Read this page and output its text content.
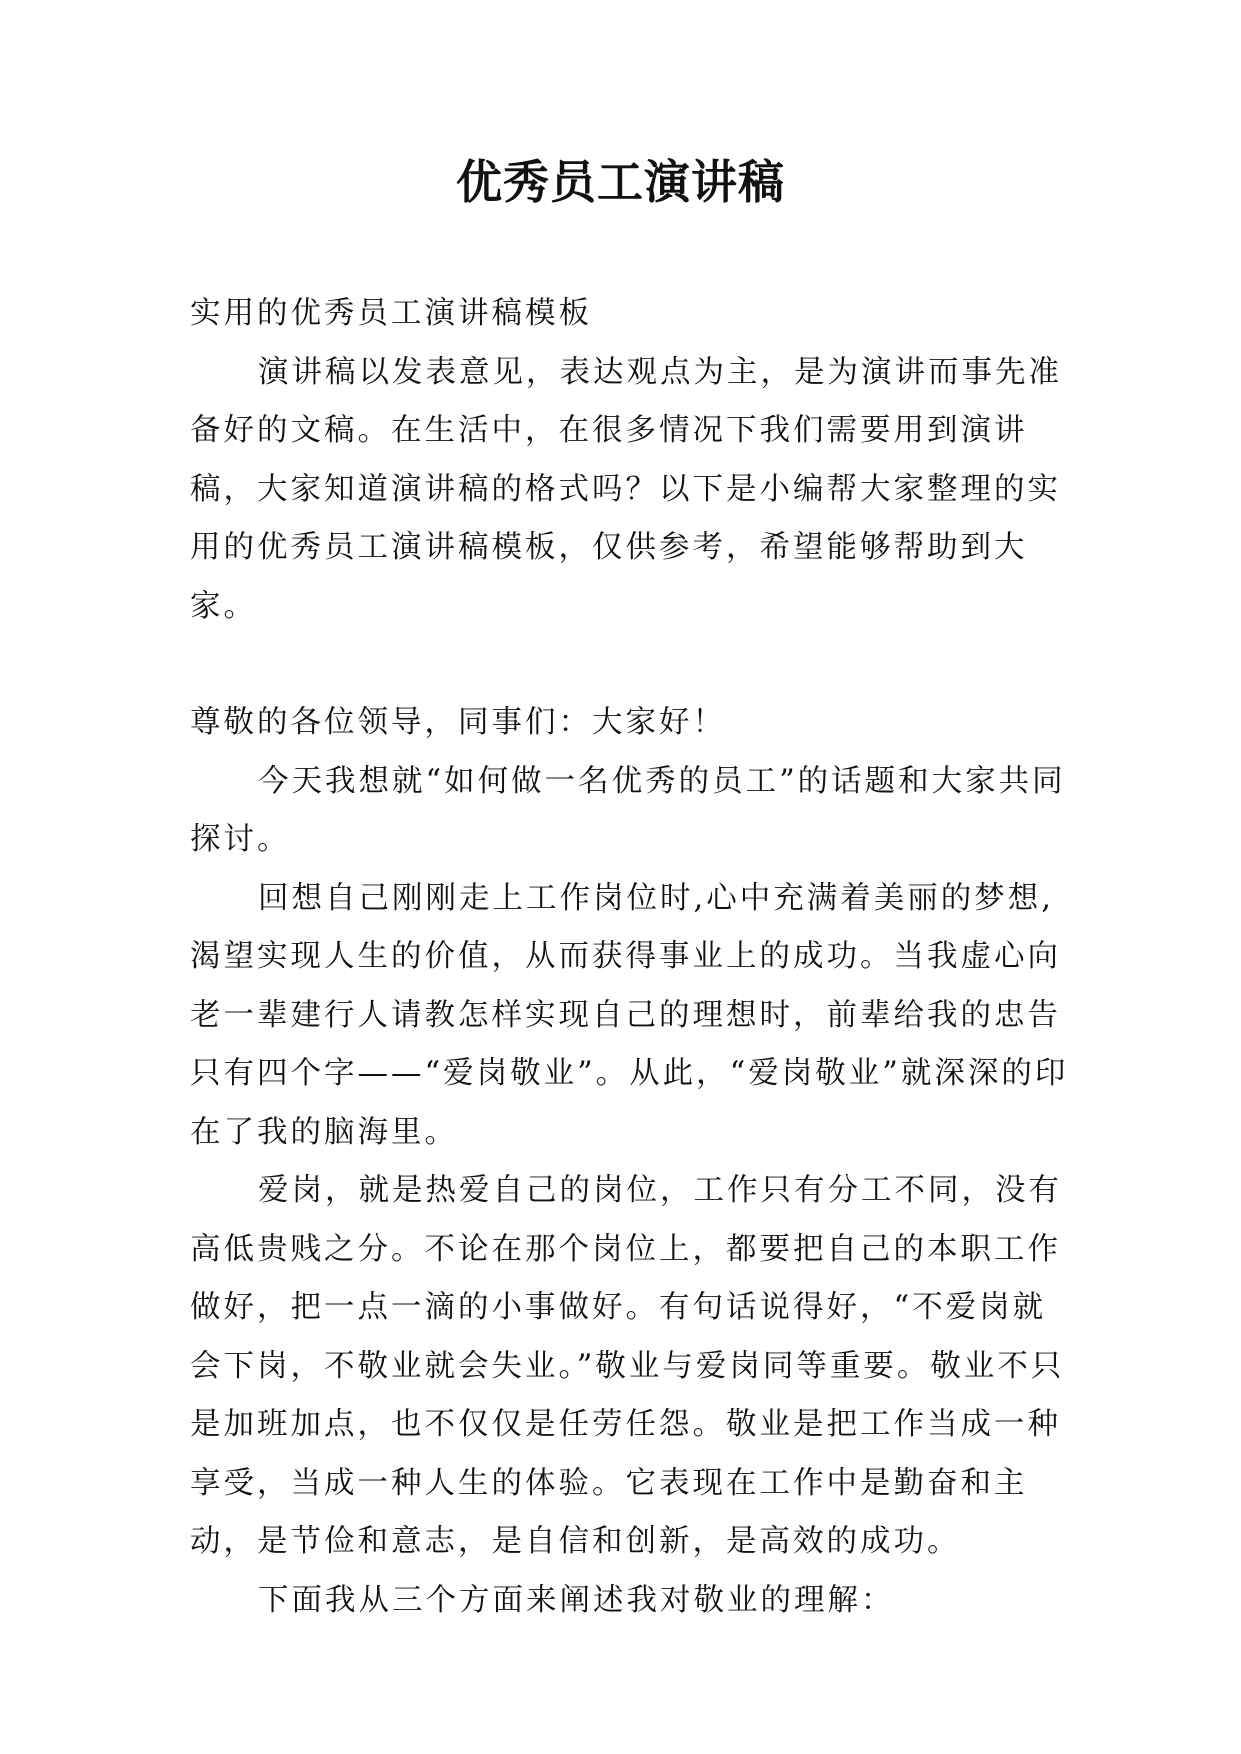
优秀员工演讲稿

实用的优秀员工演讲稿模板

演讲稿以发表意见，表达观点为主，是为演讲而事先准备好的文稿。在生活中，在很多情况下我们需要用到演讲稿，大家知道演讲稿的格式吗？以下是小编帮大家整理的实用的优秀员工演讲稿模板，仅供参考，希望能够帮助到大家。

尊敬的各位领导，同事们：大家好！

今天我想就“如何做一名优秀的员工”的话题和大家共同探讨。

回想自己刚刚走上工作岗位时,心中充满着美丽的梦想,渴望实现人生的价值，从而获得事业上的成功。当我虚心向老一辈建行人请教怎样实现自己的理想时，前辈给我的忠告只有四个字——“爱岗敬业”。从此，“爱岗敬业”就深深的印在了我的脑海里。

爱岗，就是热爱自己的岗位，工作只有分工不同，没有高低贵贱之分。不论在那个岗位上，都要把自己的本职工作做好，把一点一滴的小事做好。有句话说得好，“不爱岗就会下岗，不敬业就会失业。”敬业与爱岗同等重要。敬业不只是加班加点，也不仅仅是任劳任怨。敬业是把工作当成一种享受，当成一种人生的体验。它表现在工作中是勤奋和主动，是节俭和意志，是自信和创新，是高效的成功。

下面我从三个方面来阐述我对敬业的理解：
